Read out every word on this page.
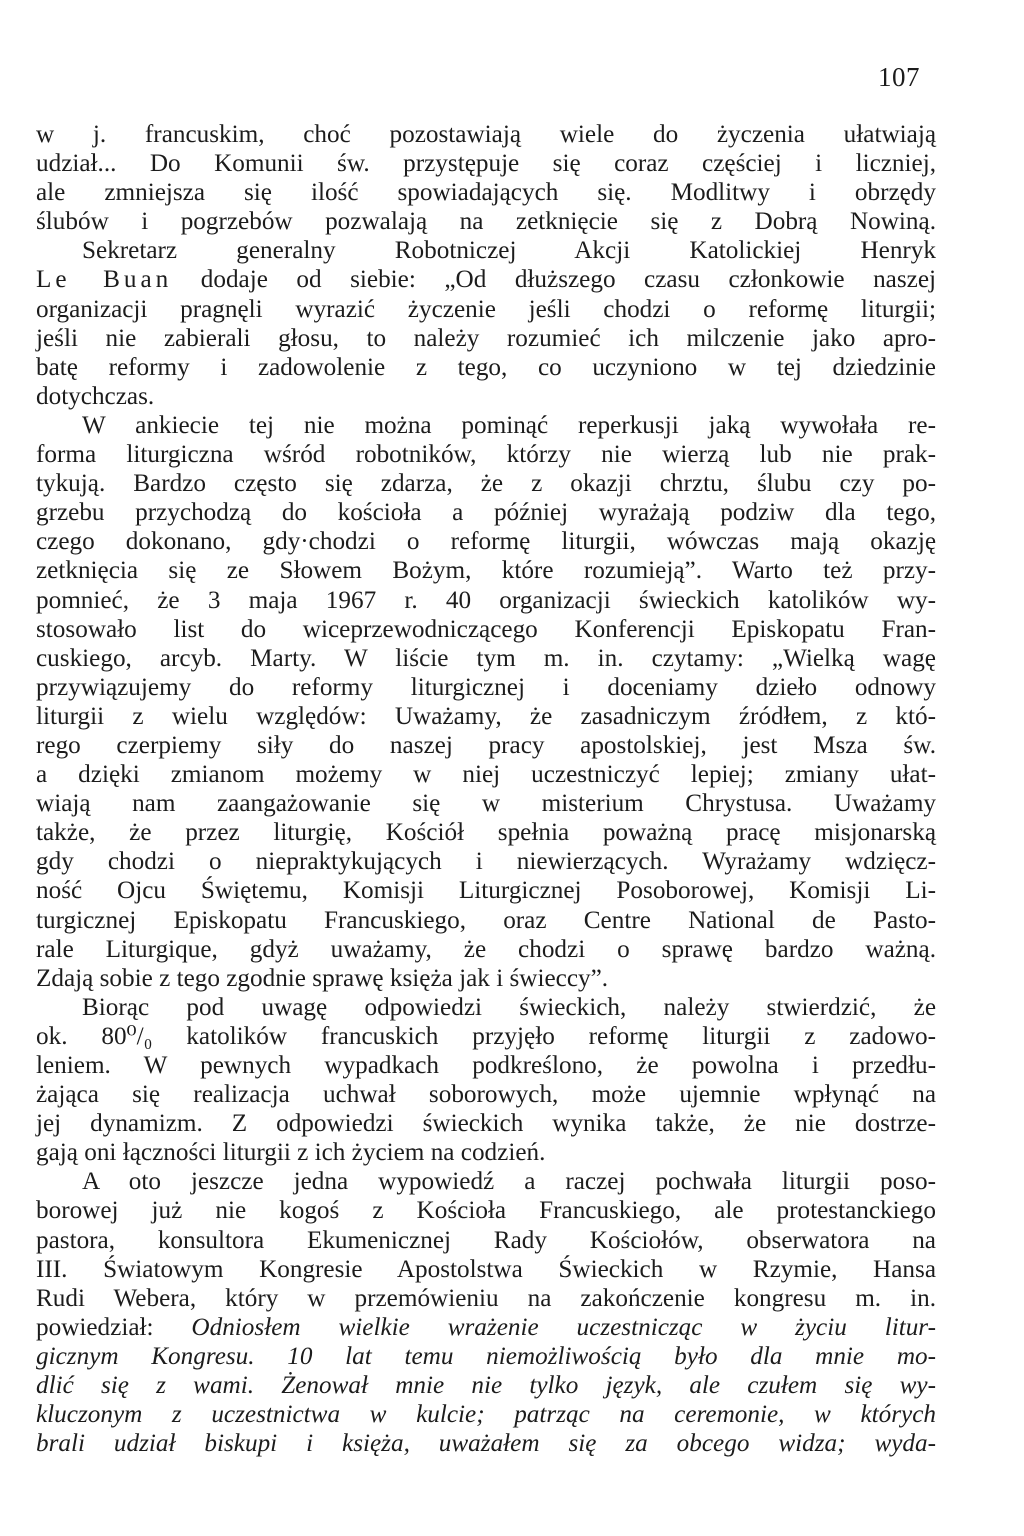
107
w j. francuskim, choć pozostawiają wiele do życzenia ułatwiają
udział... Do Komunii św. przystępuje się coraz częściej i liczniej,
ale zmniejsza się ilość spowiadających się. Modlitwy i obrzędy
ślubów i pogrzebów pozwalają na zetknięcie się z Dobrą Nowiną.
Sekretarz generalny Robotniczej Akcji Katolickiej Henryk
Le Buan dodaje od siebie: „Od dłuższego czasu członkowie naszej
organizacji pragnęli wyrazić życzenie jeśli chodzi o reformę liturgii;
jeśli nie zabierali głosu, to należy rozumieć ich milczenie jako apro-
batę reformy i zadowolenie z tego, co uczyniono w tej dziedzinie
dotychczas.
W ankiecie tej nie można pominąć reperkusji jaką wywołała re-
forma liturgiczna wśród robotników, którzy nie wierzą lub nie prak-
tykują. Bardzo często się zdarza, że z okazji chrztu, ślubu czy po-
grzebu przychodzą do kościoła a później wyrażają podziw dla tego,
czego dokonano, gdy·chodzi o reformę liturgii, wówczas mają okazję
zetknięcia się ze Słowem Bożym, które rozumieją”. Warto też przy-
pomnieć, że 3 maja 1967 r. 40 organizacji świeckich katolików wy-
stosowało list do wiceprzewodniczącego Konferencji Episkopatu Fran-
cuskiego, arcyb. Marty. W liście tym m. in. czytamy: „Wielką wagę
przywiązujemy do reformy liturgicznej i doceniamy dzieło odnowy
liturgii z wielu względów: Uważamy, że zasadniczym źródłem, z któ-
rego czerpiemy siły do naszej pracy apostolskiej, jest Msza św.
a dzięki zmianom możemy w niej uczestniczyć lepiej; zmiany ułat-
wiają nam zaangażowanie się w misterium Chrystusa. Uważamy
także, że przez liturgię, Kościół spełnia poważną pracę misjonarską
gdy chodzi o niepraktykujących i niewierzących. Wyrażamy wdzięcz-
ność Ojcu Świętemu, Komisji Liturgicznej Posoborowej, Komisji Li-
turgicznej Episkopatu Francuskiego, oraz Centre National de Pasto-
rale Liturgique, gdyż uważamy, że chodzi o sprawę bardzo ważną.
Zdają sobie z tego zgodnie sprawę księża jak i świeccy”.
Biorąc pod uwagę odpowiedzi świeckich, należy stwierdzić, że
ok. 80⁰/₀ katolików francuskich przyjęło reformę liturgii z zadowo-
leniem. W pewnych wypadkach podkreślono, że powolna i przedłu-
żająca się realizacja uchwał soborowych, może ujemnie wpłynąć na
jej dynamizm. Z odpowiedzi świeckich wynika także, że nie dostrze-
gają oni łączności liturgii z ich życiem na codzień.
A oto jeszcze jedna wypowiedź a raczej pochwała liturgii poso-
borowej już nie kogoś z Kościoła Francuskiego, ale protestanckiego
pastora, konsultora Ekumenicznej Rady Kościołów, obserwatora na
III. Światowym Kongresie Apostolstwa Świeckich w Rzymie, Hansa
Rudi Webera, który w przemówieniu na zakończenie kongresu m. in.
powiedział: Odniosłem wielkie wrażenie uczestnicząc w życiu litur-
gicznym Kongresu. 10 lat temu niemożliwością było dla mnie mo-
dlić się z wami. Żenował mnie nie tylko język, ale czułem się wy-
kluczonym z uczestnictwa w kulcie; patrząc na ceremonie, w których
brali udział biskupi i księża, uważałem się za obcego widza; wyda-
